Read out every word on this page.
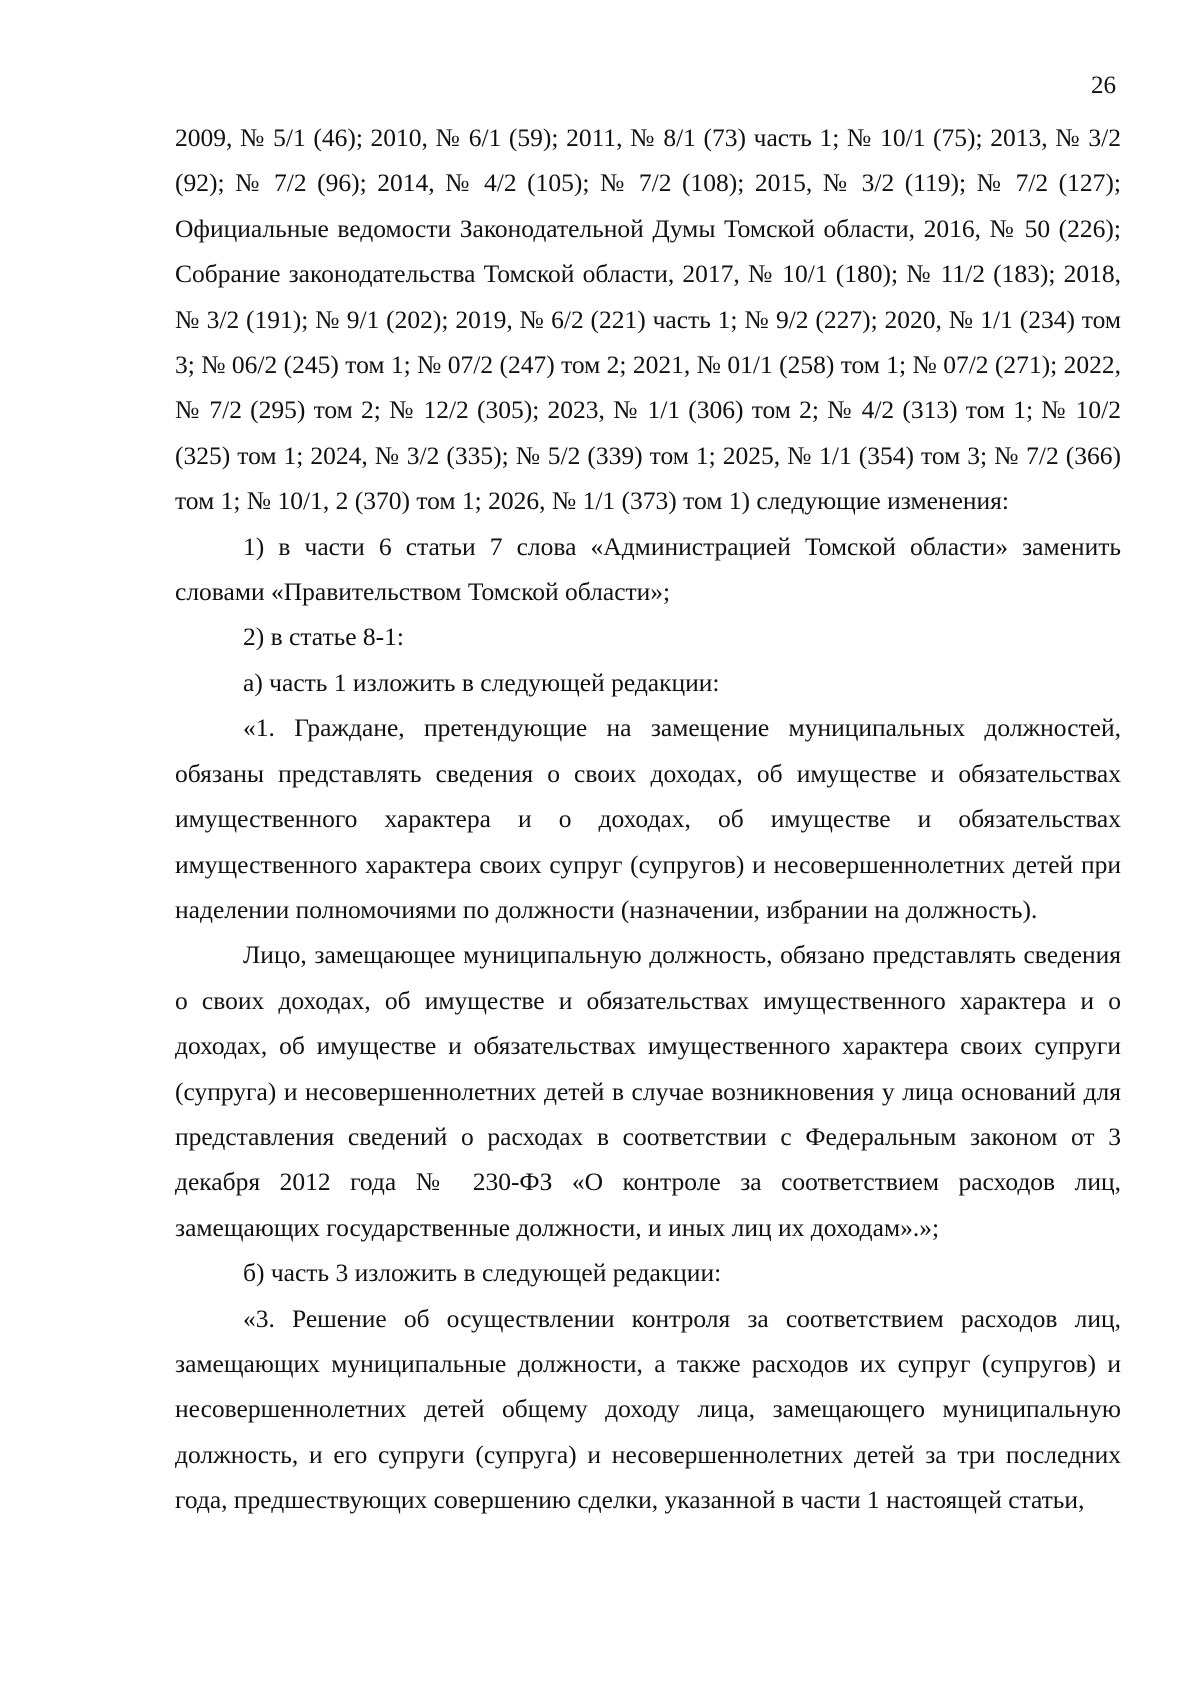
26

2009, № 5/1 (46); 2010, № 6/1 (59); 2011, № 8/1 (73) часть 1; № 10/1 (75); 2013, № 3/2 (92); № 7/2 (96); 2014, № 4/2 (105); № 7/2 (108); 2015, № 3/2 (119); № 7/2 (127); Официальные ведомости Законодательной Думы Томской области, 2016, № 50 (226); Собрание законодательства Томской области, 2017, № 10/1 (180); № 11/2 (183); 2018, № 3/2 (191); № 9/1 (202); 2019, № 6/2 (221) часть 1; № 9/2 (227); 2020, № 1/1 (234) том 3; № 06/2 (245) том 1; № 07/2 (247) том 2; 2021, № 01/1 (258) том 1; № 07/2 (271); 2022, № 7/2 (295) том 2; № 12/2 (305); 2023, № 1/1 (306) том 2; № 4/2 (313) том 1; № 10/2 (325) том 1; 2024, № 3/2 (335); № 5/2 (339) том 1; 2025, № 1/1 (354) том 3; № 7/2 (366) том 1; № 10/1, 2 (370) том 1; 2026, № 1/1 (373) том 1) следующие изменения:

1) в части 6 статьи 7 слова «Администрацией Томской области» заменить словами «Правительством Томской области»;

2) в статье 8-1:

а) часть 1 изложить в следующей редакции:

«1. Граждане, претендующие на замещение муниципальных должностей, обязаны представлять сведения о своих доходах, об имуществе и обязательствах имущественного характера и о доходах, об имуществе и обязательствах имущественного характера своих супруг (супругов) и несовершеннолетних детей при наделении полномочиями по должности (назначении, избрании на должность).

Лицо, замещающее муниципальную должность, обязано представлять сведения о своих доходах, об имуществе и обязательствах имущественного характера и о доходах, об имуществе и обязательствах имущественного характера своих супруги (супруга) и несовершеннолетних детей в случае возникновения у лица оснований для представления сведений о расходах в соответствии с Федеральным законом от 3 декабря 2012 года № 230-ФЗ «О контроле за соответствием расходов лиц, замещающих государственные должности, и иных лиц их доходам».»;

б) часть 3 изложить в следующей редакции:

«3. Решение об осуществлении контроля за соответствием расходов лиц, замещающих муниципальные должности, а также расходов их супруг (супругов) и несовершеннолетних детей общему доходу лица, замещающего муниципальную должность, и его супруги (супруга) и несовершеннолетних детей за три последних года, предшествующих совершению сделки, указанной в части 1 настоящей статьи,
